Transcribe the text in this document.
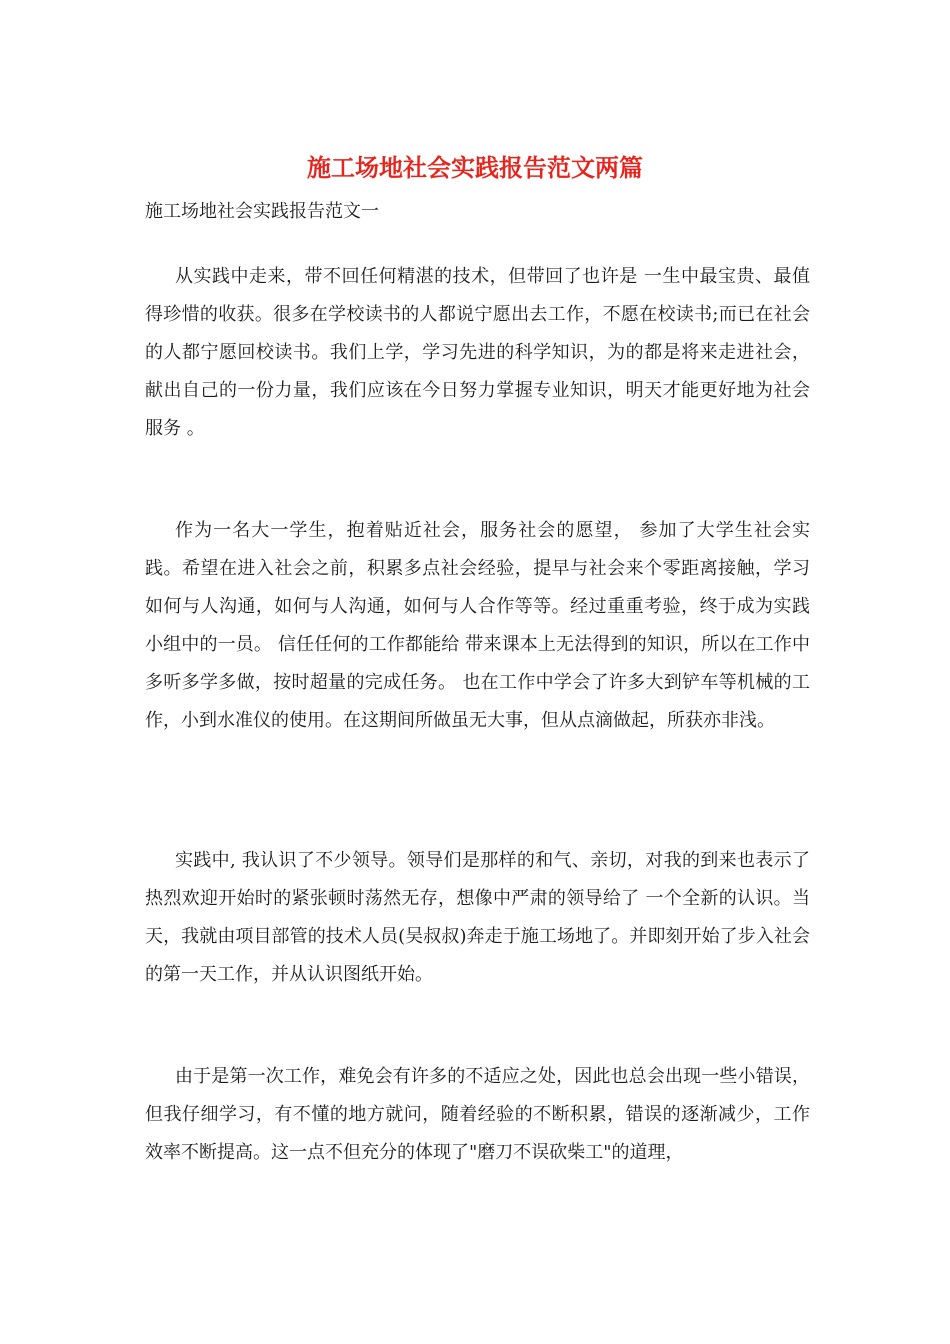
施工场地社会实践报告范文两篇

施工场地社会实践报告范文一

从实践中走来，带不回任何精湛的技术，但带回了也许是 一生中最宝贵、最值得珍惜的收获。很多在学校读书的人都说宁愿出去工作，不愿在校读书;而已在社会的人都宁愿回校读书。我们上学，学习先进的科学知识，为的都是将来走进社会，献出自己的一份力量，我们应该在今日努力掌握专业知识，明天才能更好地为社会服务 。

作为一名大一学生，抱着贴近社会，服务社会的愿望， 参加了大学生社会实践。希望在进入社会之前，积累多点社会经验，提早与社会来个零距离接触，学习如何与人沟通，如何与人沟通，如何与人合作等等。经过重重考验，终于成为实践小组中的一员。 信任任何的工作都能给 带来课本上无法得到的知识，所以在工作中 多听多学多做，按时超量的完成任务。 也在工作中学会了许多大到铲车等机械的工作，小到水准仪的使用。在这期间所做虽无大事，但从点滴做起，所获亦非浅。

实践中, 我认识了不少领导。领导们是那样的和气、亲切，对我的到来也表示了热烈欢迎开始时的紧张顿时荡然无存，想像中严肃的领导给了 一个全新的认识。当天，我就由项目部管的技术人员(吴叔叔)奔走于施工场地了。并即刻开始了步入社会的第一天工作，并从认识图纸开始。

由于是第一次工作，难免会有许多的不适应之处，因此也总会出现一些小错误，但我仔细学习，有不懂的地方就问，随着经验的不断积累，错误的逐渐减少，工作效率不断提高。这一点不但充分的体现了"磨刀不误砍柴工"的道理，
